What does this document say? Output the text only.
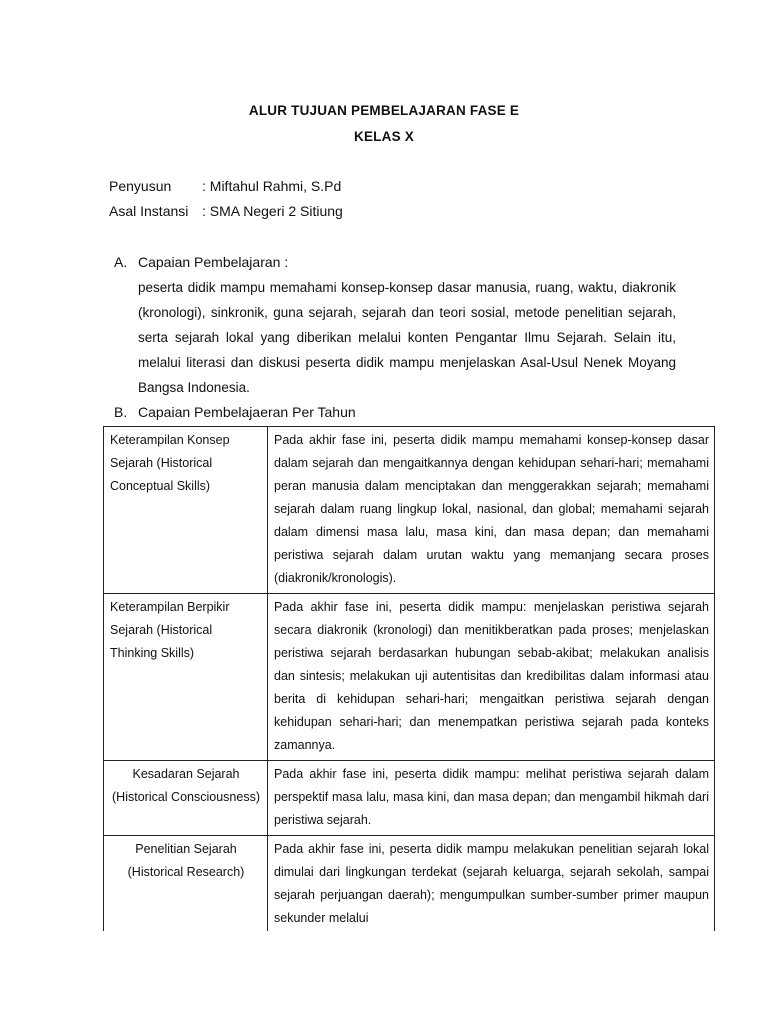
ALUR TUJUAN PEMBELAJARAN FASE E
KELAS X
Penyusun : Miftahul Rahmi, S.Pd
Asal Instansi : SMA Negeri 2 Sitiung
A. Capaian Pembelajaran :

peserta didik mampu memahami konsep-konsep dasar manusia, ruang, waktu, diakronik (kronologi), sinkronik, guna sejarah, sejarah dan teori sosial, metode penelitian sejarah, serta sejarah lokal yang diberikan melalui konten Pengantar Ilmu Sejarah. Selain itu, melalui literasi dan diskusi peserta didik mampu menjelaskan Asal-Usul Nenek Moyang Bangsa Indonesia.

B. Capaian Pembelajaeran Per Tahun
Keterampilan Konsep Sejarah (Historical Conceptual Skills)	Pada akhir fase ini, peserta didik mampu memahami konsep-konsep dasar dalam sejarah dan mengaitkannya dengan kehidupan sehari-hari; memahami peran manusia dalam menciptakan dan menggerakkan sejarah; memahami sejarah dalam ruang lingkup lokal, nasional, dan global; memahami sejarah dalam dimensi masa lalu, masa kini, dan masa depan; dan memahami peristiwa sejarah dalam urutan waktu yang memanjang secara proses (diakronik/kronologis).
Keterampilan Berpikir Sejarah (Historical Thinking Skills)	Pada akhir fase ini, peserta didik mampu: menjelaskan peristiwa sejarah secara diakronik (kronologi) dan menitikberatkan pada proses; menjelaskan peristiwa sejarah berdasarkan hubungan sebab-akibat; melakukan analisis dan sintesis; melakukan uji autentisitas dan kredibilitas dalam informasi atau berita di kehidupan sehari-hari; mengaitkan peristiwa sejarah dengan kehidupan sehari-hari; dan menempatkan peristiwa sejarah pada konteks zamannya.
Kesadaran Sejarah (Historical Consciousness)	Pada akhir fase ini, peserta didik mampu: melihat peristiwa sejarah dalam perspektif masa lalu, masa kini, dan masa depan; dan mengambil hikmah dari peristiwa sejarah.
Penelitian Sejarah (Historical Research)	Pada akhir fase ini, peserta didik mampu melakukan penelitian sejarah lokal dimulai dari lingkungan terdekat (sejarah keluarga, sejarah sekolah, sampai sejarah perjuangan daerah); mengumpulkan sumber-sumber primer maupun sekunder melalui
